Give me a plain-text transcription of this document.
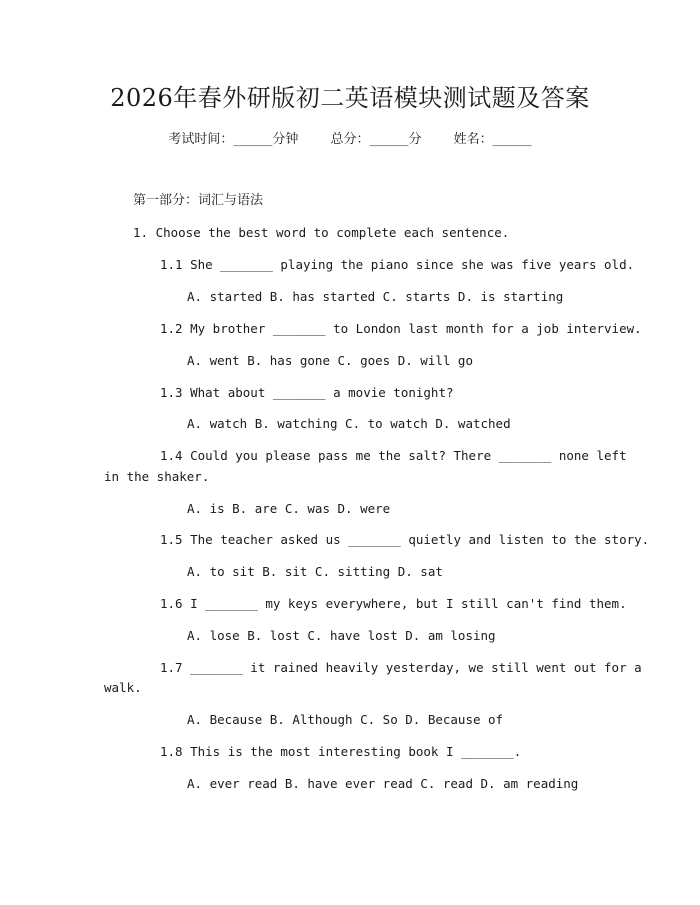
2026年春外研版初二英语模块测试题及答案
考试时间：______分钟 总分：______分 姓名：______
第一部分：词汇与语法
1. Choose the best word to complete each sentence.
1.1 She _______ playing the piano since she was five years old.
A. started B. has started C. starts D. is starting
1.2 My brother _______ to London last month for a job interview.
A. went B. has gone C. goes D. will go
1.3 What about _______ a movie tonight?
A. watch B. watching C. to watch D. watched
1.4 Could you please pass me the salt? There _______ none left
in the shaker.
A. is B. are C. was D. were
1.5 The teacher asked us _______ quietly and listen to the story.
A. to sit B. sit C. sitting D. sat
1.6 I _______ my keys everywhere, but I still can't find them.
A. lose B. lost C. have lost D. am losing
1.7 _______ it rained heavily yesterday, we still went out for a
walk.
A. Because B. Although C. So D. Because of
1.8 This is the most interesting book I _______.
A. ever read B. have ever read C. read D. am reading
